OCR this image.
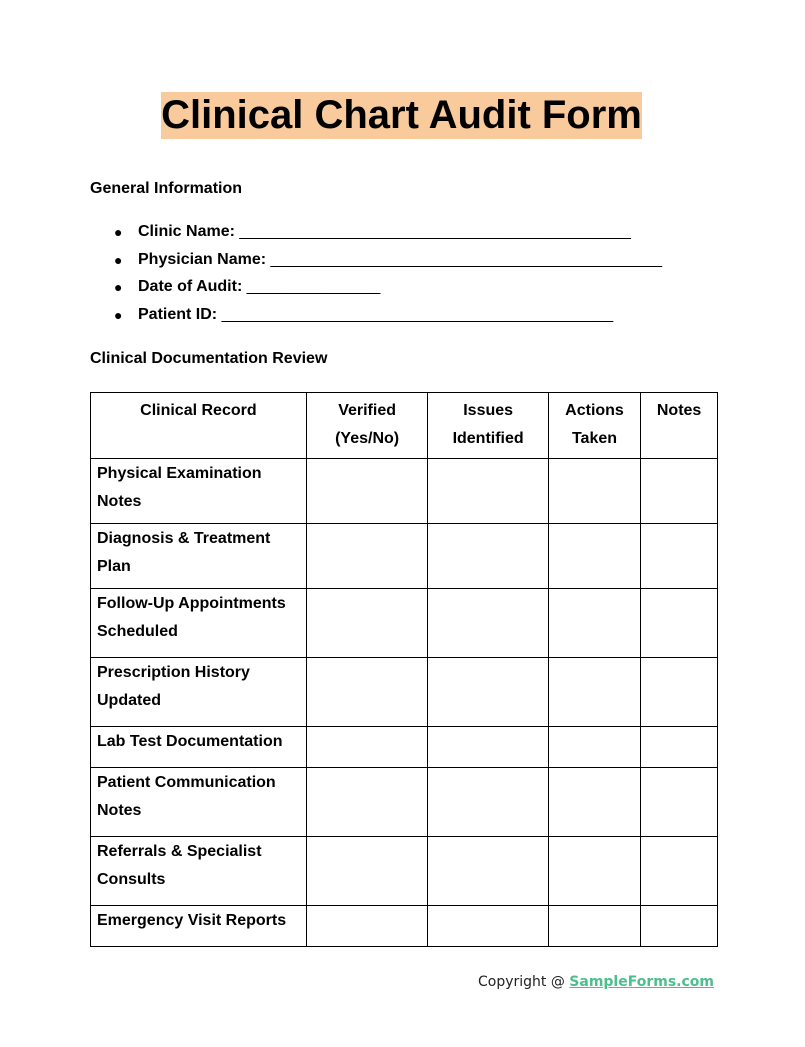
Clinical Chart Audit Form
General Information
● Clinic Name: ____________________________________________
● Physician Name: ____________________________________________
● Date of Audit: _______________
● Patient ID: ____________________________________________
Clinical Documentation Review
Clinical Record	Verified (Yes/No)	Issues Identified	Actions Taken	Notes
Physical Examination Notes				
Diagnosis & Treatment Plan				
Follow-Up Appointments Scheduled				
Prescription History Updated				
Lab Test Documentation				
Patient Communication Notes				

Referrals & Specialist Consults				

Emergency Visit Reports				
Copyright @ SampleForms.com
